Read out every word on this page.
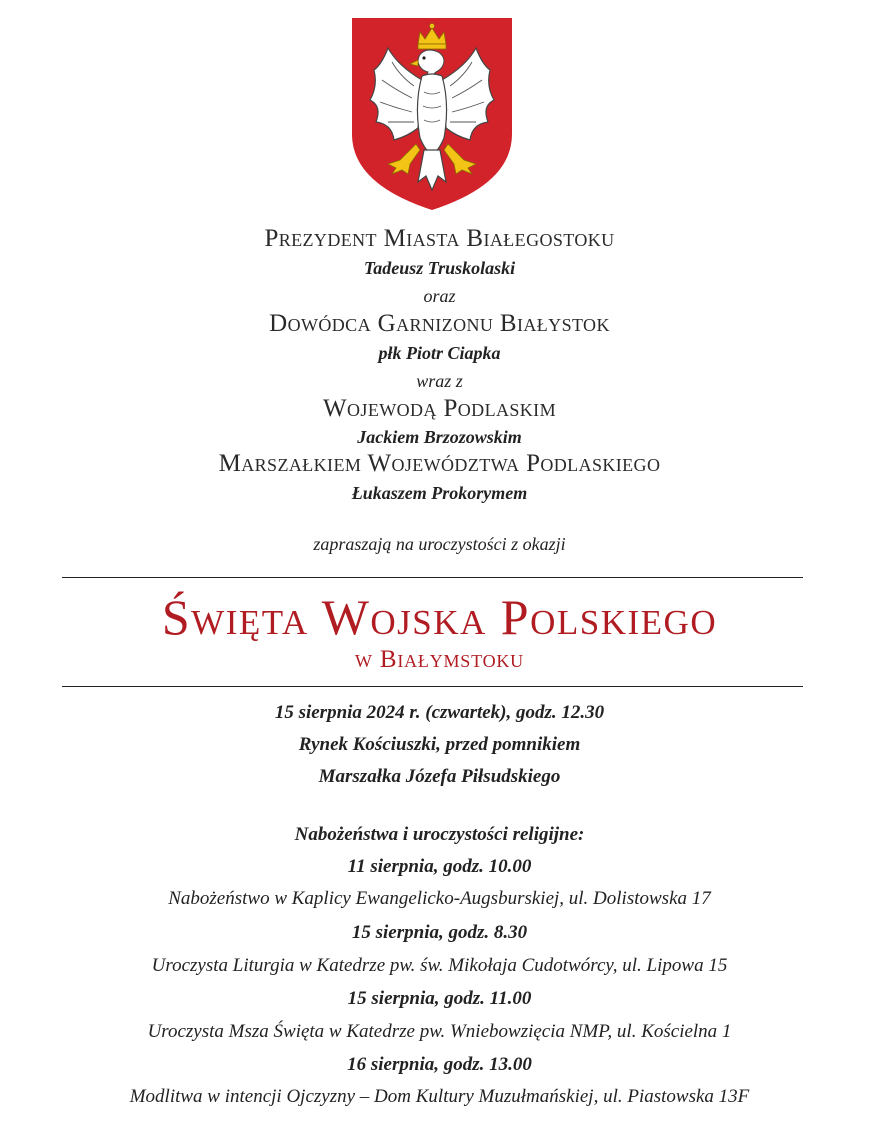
Prezydent Miasta Białegostoku
Tadeusz Truskolaski
oraz
Dowódca Garnizonu Białystok
płk Piotr Ciapka
wraz z
Wojewodą Podlaskim
Jackiem Brzozowskim
Marszałkiem Województwa Podlaskiego
Łukaszem Prokorymem
zapraszają na uroczystości z okazji
Święta Wojska Polskiego
w Białymstoku
15 sierpnia 2024 r. (czwartek), godz. 12.30
Rynek Kościuszki, przed pomnikiem
Marszałka Józefa Piłsudskiego
Nabożeństwa i uroczystości religijne:
11 sierpnia, godz. 10.00
Nabożeństwo w Kaplicy Ewangelicko-Augsburskiej, ul. Dolistowska 17
15 sierpnia, godz. 8.30
Uroczysta Liturgia w Katedrze pw. św. Mikołaja Cudotwórcy, ul. Lipowa 15
15 sierpnia, godz. 11.00
Uroczysta Msza Święta w Katedrze pw. Wniebowzięcia NMP, ul. Kościelna 1
16 sierpnia, godz. 13.00
Modlitwa w intencji Ojczyzny – Dom Kultury Muzułmańskiej, ul. Piastowska 13F
